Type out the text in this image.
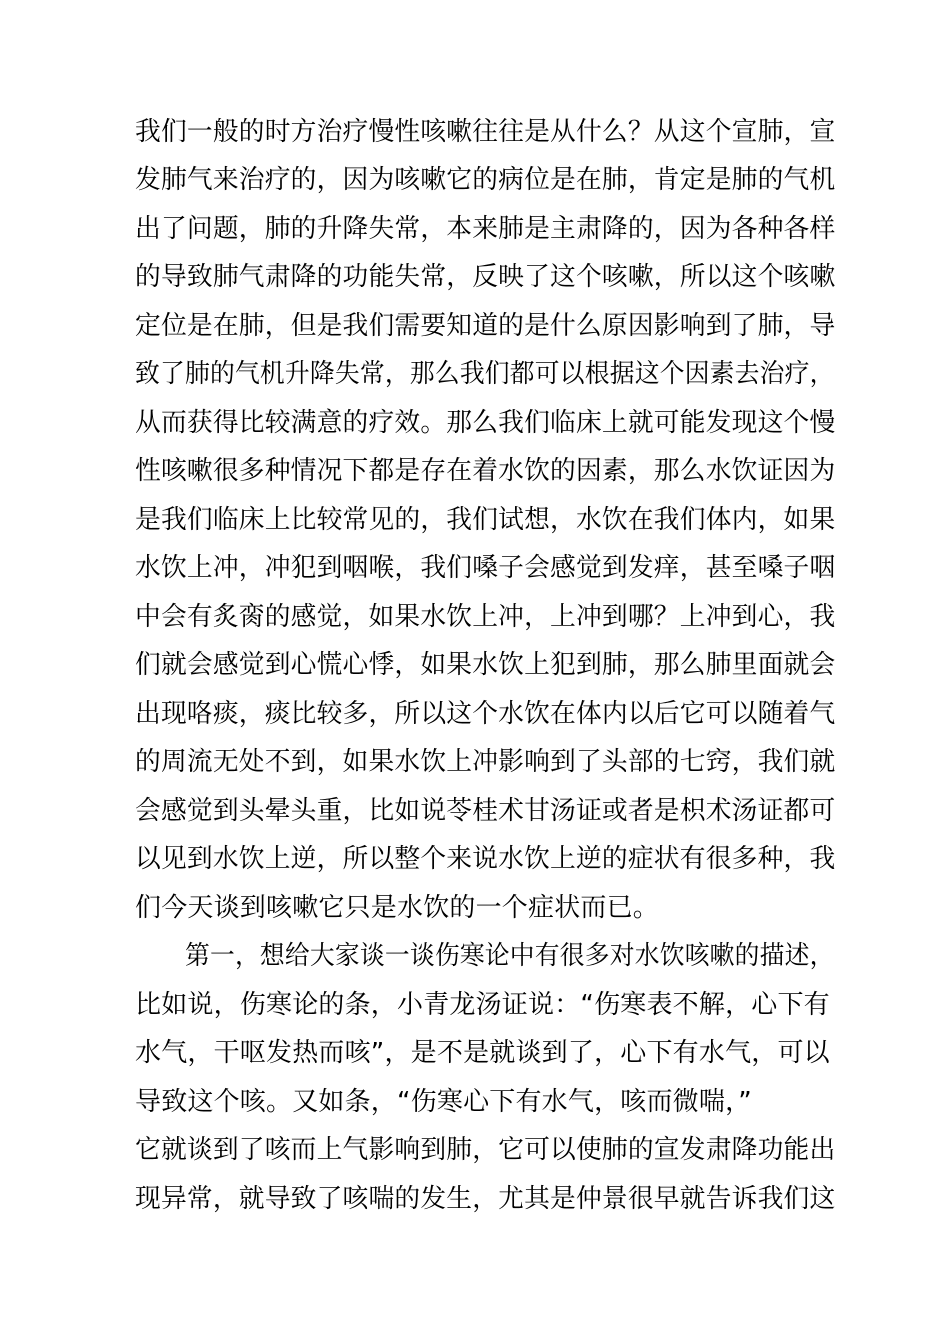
我们一般的时方治疗慢性咳嗽往往是从什么？从这个宣肺，宣
发肺气来治疗的，因为咳嗽它的病位是在肺，肯定是肺的气机
出了问题，肺的升降失常，本来肺是主肃降的，因为各种各样
的导致肺气肃降的功能失常，反映了这个咳嗽，所以这个咳嗽
定位是在肺，但是我们需要知道的是什么原因影响到了肺，导
致了肺的气机升降失常，那么我们都可以根据这个因素去治疗，
从而获得比较满意的疗效。那么我们临床上就可能发现这个慢
性咳嗽很多种情况下都是存在着水饮的因素，那么水饮证因为
是我们临床上比较常见的，我们试想，水饮在我们体内，如果
水饮上冲，冲犯到咽喉，我们嗓子会感觉到发痒，甚至嗓子咽
中会有炙脔的感觉，如果水饮上冲，上冲到哪？上冲到心，我
们就会感觉到心慌心悸，如果水饮上犯到肺，那么肺里面就会
出现咯痰，痰比较多，所以这个水饮在体内以后它可以随着气
的周流无处不到，如果水饮上冲影响到了头部的七窍，我们就
会感觉到头晕头重，比如说苓桂术甘汤证或者是枳术汤证都可
以见到水饮上逆，所以整个来说水饮上逆的症状有很多种，我
们今天谈到咳嗽它只是水饮的一个症状而已。
　　第一，想给大家谈一谈伤寒论中有很多对水饮咳嗽的描述，
比如说，伤寒论的条，小青龙汤证说：“伤寒表不解，心下有
水气，干呕发热而咳”，是不是就谈到了，心下有水气，可以
导致这个咳。又如条，“伤寒心下有水气，咳而微喘，”
它就谈到了咳而上气影响到肺，它可以使肺的宣发肃降功能出
现异常，就导致了咳喘的发生，尤其是仲景很早就告诉我们这
